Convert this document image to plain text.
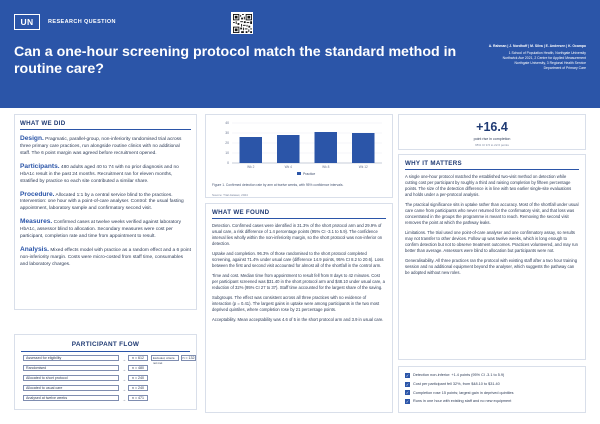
UN	RESEARCH QUESTION
Can a one-hour screening protocol match the standard method in routine care?
A. Rahman | J. Nordhoff | M. Silva | E. Andersen | K. Ocampo
1 School of Population Health, Northgate University
Northwick Ave 2021, 2 Centre for Applied Measurement
Northgate University, 3 Regional Health Service
Department of Primary Care
WHAT WE DID
Design. Pragmatic, parallel-group, non-inferiority randomised trial across three primary care practices, run alongside routine clinics with no additional staff. The 6 point margin was agreed before recruitment opened.
Participants. 480 adults aged 40 to 74 with no prior diagnosis and no HbA1c result in the past 24 months. Recruitment ran for eleven months, stratified by practice so each site contributed a similar share.
Procedure. Allocated 1:1 by a central service blind to the practices. Intervention: one hour with a point-of-care analyser. Control: the usual fasting appointment, laboratory sample and confirmatory second visit.
Measures. Confirmed cases at twelve weeks verified against laboratory HbA1c, assessor blind to allocation. Secondary measures were cost per participant, completion rate and time from appointment to result.
Analysis. Mixed effects model with practice as a random effect and a 6 point non-inferiority margin. Costs were micro-costed from staff time, consumables and laboratory charges.
PARTICIPANT FLOW
Assessed for eligibility	→	n = 612	Excluded, criteria not met
n = 132
Randomised	→	n = 480
Allocated to short protocol	→	n = 240
Allocated to usual care	→	n = 240
Analysed at twelve weeks	→	n = 471
0
10
20
30
40
Wk 2	Wk 4	Wk 8	Wk 12
Practice
Figure 1. Confirmed detection rate by arm at twelve weeks, with 95% confidence intervals.
Source: Trial dataset, 2024
WHAT WE FOUND
Detection. Confirmed cases were identified in 31.3% of the short protocol arm and 29.9% of usual care, a risk difference of 1.4 percentage points (95% CI -3.1 to 5.9). The confidence interval lies wholly within the non-inferiority margin, so the short protocol was non-inferior on detection.
Uptake and completion. 96.3% of those randomised to the short protocol completed screening, against 71.4% under usual care (difference 14.9 points, 95% CI 8.2 to 20.6). Loss between the first and second visit accounted for almost all of the shortfall in the control arm.
Time and cost. Median time from appointment to result fell from 8 days to 42 minutes. Cost per participant screened was $31.40 in the short protocol arm and $48.10 under usual care, a reduction of 32% (95% CI 27 to 37). Staff time accounted for the largest share of the saving.
Subgroups. The effect was consistent across all three practices with no evidence of interaction (p = 0.41). The largest gains in uptake were among participants in the two most deprived quintiles, where completion rose by 21 percentage points.
Acceptability. Mean acceptability was 4.6 of 5 in the short protocol arm and 3.9 in usual care.
+16.4
point rise in completion
95% CI 9.5 to 22.6 points
WHY IT MATTERS
A single one-hour protocol matched the established two-visit method on detection while cutting cost per participant by roughly a third and raising completion by fifteen percentage points. The size of the detection difference is in line with two earlier single-site evaluations and holds under a per-protocol analysis.
The practical significance sits in uptake rather than accuracy. Most of the shortfall under usual care came from participants who never returned for the confirmatory visit, and that loss was concentrated in the groups the programme is meant to reach. Removing the second visit removes the point at which the pathway leaks.
Limitations. The trial used one point-of-care analyser and one confirmatory assay, so results may not transfer to other devices. Follow up was twelve weeks, which is long enough to confirm detection but not to observe treatment outcomes. Practices volunteered, and may run better than average. Assessors were blind to allocation but participants were not.
Generalisability. All three practices ran the protocol with existing staff after a two hour training session and no additional equipment beyond the analyser, which suggests the pathway can be adopted without new roles.
✓ Detection non-inferior: +1.4 points (95% CI -3.1 to 5.9)
✓ Cost per participant fell 32%, from $48.10 to $31.40
✓ Completion rose 15 points; largest gain in deprived quintiles
✓ Runs in one hour with existing staff and no new equipment
